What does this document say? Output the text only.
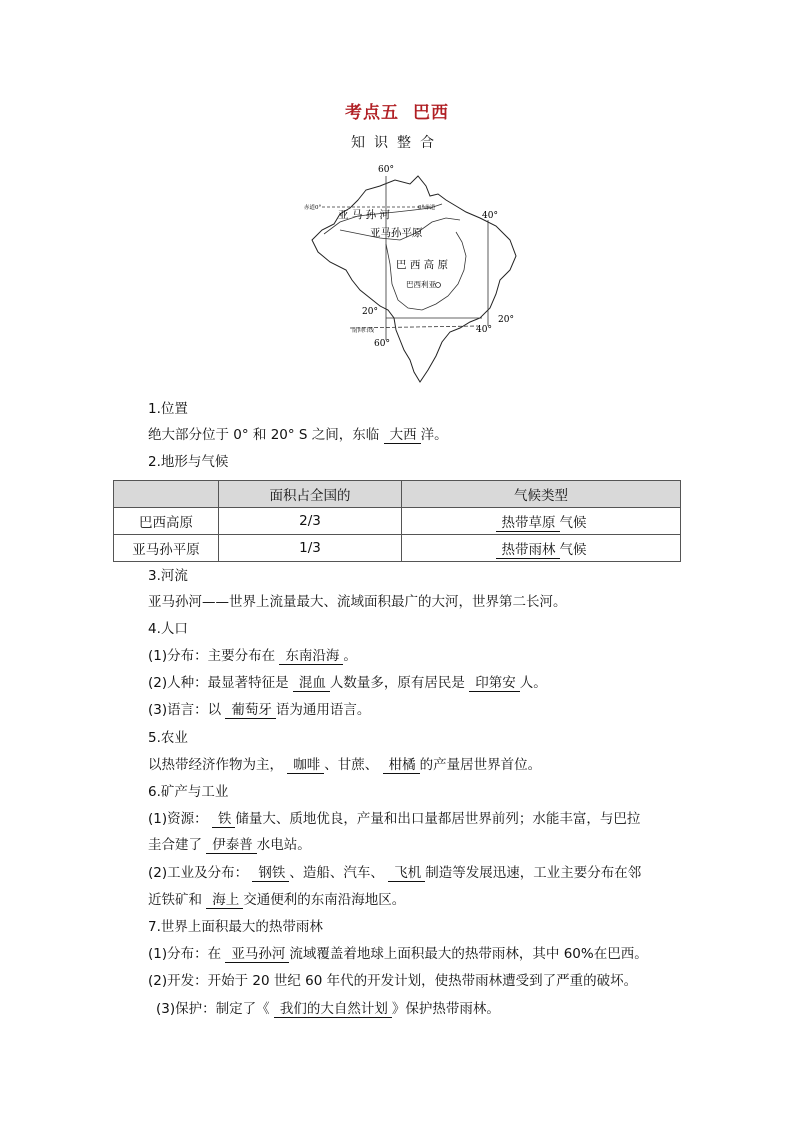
考点五 巴西
知识整合
60°
60°
40°
40°
20°
20°
赤道0°	0°赤道
南回归线
亚 马 孙 河
亚马孙平原
巴 西 高 原
巴西利亚
1.位置
绝大部分位于 0° 和 20° S 之间，东临 大西 洋。
2.地形与气候
	面积占全国的	气候类型
巴西高原	2/3	热带草原 气候
亚马孙平原	1/3	热带雨林 气候
3.河流
亚马孙河——世界上流量最大、流域面积最广的大河，世界第二长河。
4.人口
(1)分布：主要分布在 东南沿海 。
(2)人种：最显著特征是 混血 人数量多，原有居民是 印第安 人。
(3)语言：以 葡萄牙 语为通用语言。
5.农业
以热带经济作物为主， 咖啡 、甘蔗、 柑橘 的产量居世界首位。
6.矿产与工业
(1)资源： 铁 储量大、质地优良，产量和出口量都居世界前列；水能丰富，与巴拉
圭合建了 伊泰普 水电站。
(2)工业及分布： 钢铁 、造船、汽车、 飞机 制造等发展迅速，工业主要分布在邻
近铁矿和 海上 交通便利的东南沿海地区。
7.世界上面积最大的热带雨林
(1)分布：在 亚马孙河 流域覆盖着地球上面积最大的热带雨林，其中 60%在巴西。
(2)开发：开始于 20 世纪 60 年代的开发计划，使热带雨林遭受到了严重的破坏。
(3)保护：制定了《 我们的大自然计划 》保护热带雨林。
